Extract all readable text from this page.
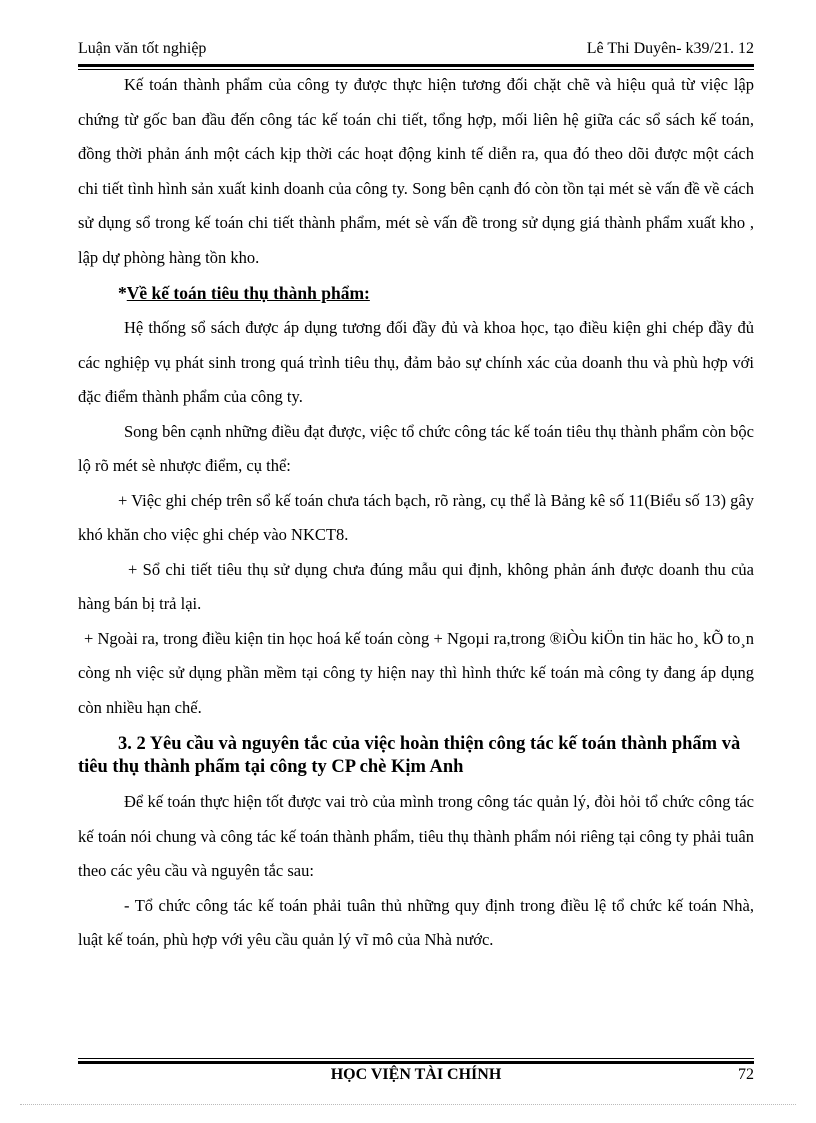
Luận văn tốt nghiệp	Lê Thi Duyên- k39/21. 12

Kế toán thành phẩm của công ty được thực hiện tương đối chặt chẽ và hiệu quả từ việc lập chứng từ gốc ban đầu đến công tác kế toán chi tiết, tổng hợp, mối liên hệ giữa các sổ sách kế toán, đồng thời phản ánh một cách kịp thời các hoạt động kinh tế diễn ra, qua đó theo dõi được một cách chi tiết tình hình sản xuất kinh doanh của công ty. Song bên cạnh đó còn tồn tại mét sè vấn đề về cách sử dụng sổ trong kế toán chi tiết thành phẩm, mét sè vấn đề trong sử dụng giá thành phẩm xuất kho , lập dự phòng hàng tồn kho.

*Về kế toán tiêu thụ thành phẩm:

Hệ thống sổ sách được áp dụng tương đối đầy đủ và khoa học, tạo điều kiện ghi chép đầy đủ các nghiệp vụ phát sinh trong quá trình tiêu thụ, đảm bảo sự chính xác của doanh thu và phù hợp với đặc điểm thành phẩm của công ty.

Song bên cạnh những điều đạt được, việc tổ chức công tác kế toán tiêu thụ thành phẩm còn bộc lộ rõ mét sè nhược điểm, cụ thể:

+ Việc ghi chép trên sổ kế toán chưa tách bạch, rõ ràng, cụ thể là Bảng kê số 11(Biểu số 13) gây khó khăn cho việc ghi chép vào NKCT8.

+ Sổ chi tiết tiêu thụ sử dụng chưa đúng mẫu qui định, không phản ánh được doanh thu của hàng bán bị trả lại.

+ Ngoài ra, trong điều kiện tin học hoá kế toán còng + Ngoµi ra,trong ®iÒu kiÖn tin häc ho¸ kÕ to¸n còng nh việc sử dụng phần mềm tại công ty hiện nay thì hình thức kế toán mà công ty đang áp dụng còn nhiều hạn chế.

3. 2 Yêu cầu và nguyên tắc của việc hoàn thiện công tác kế toán thành phẩm và tiêu thụ thành phẩm tại công ty CP chè Kịm Anh

Để kế toán thực hiện tốt được vai trò của mình trong công tác quản lý, đòi hỏi tổ chức công tác kế toán nói chung và công tác kế toán thành phẩm, tiêu thụ thành phẩm nói riêng tại công ty phải tuân theo các yêu cầu và nguyên tắc sau:

- Tổ chức công tác kế toán phải tuân thủ những quy định trong điều lệ tổ chức kế toán Nhà, luật kế toán, phù hợp với yêu cầu quản lý vĩ mô của Nhà nước.

HỌC VIỆN TÀI CHÍNH	72
